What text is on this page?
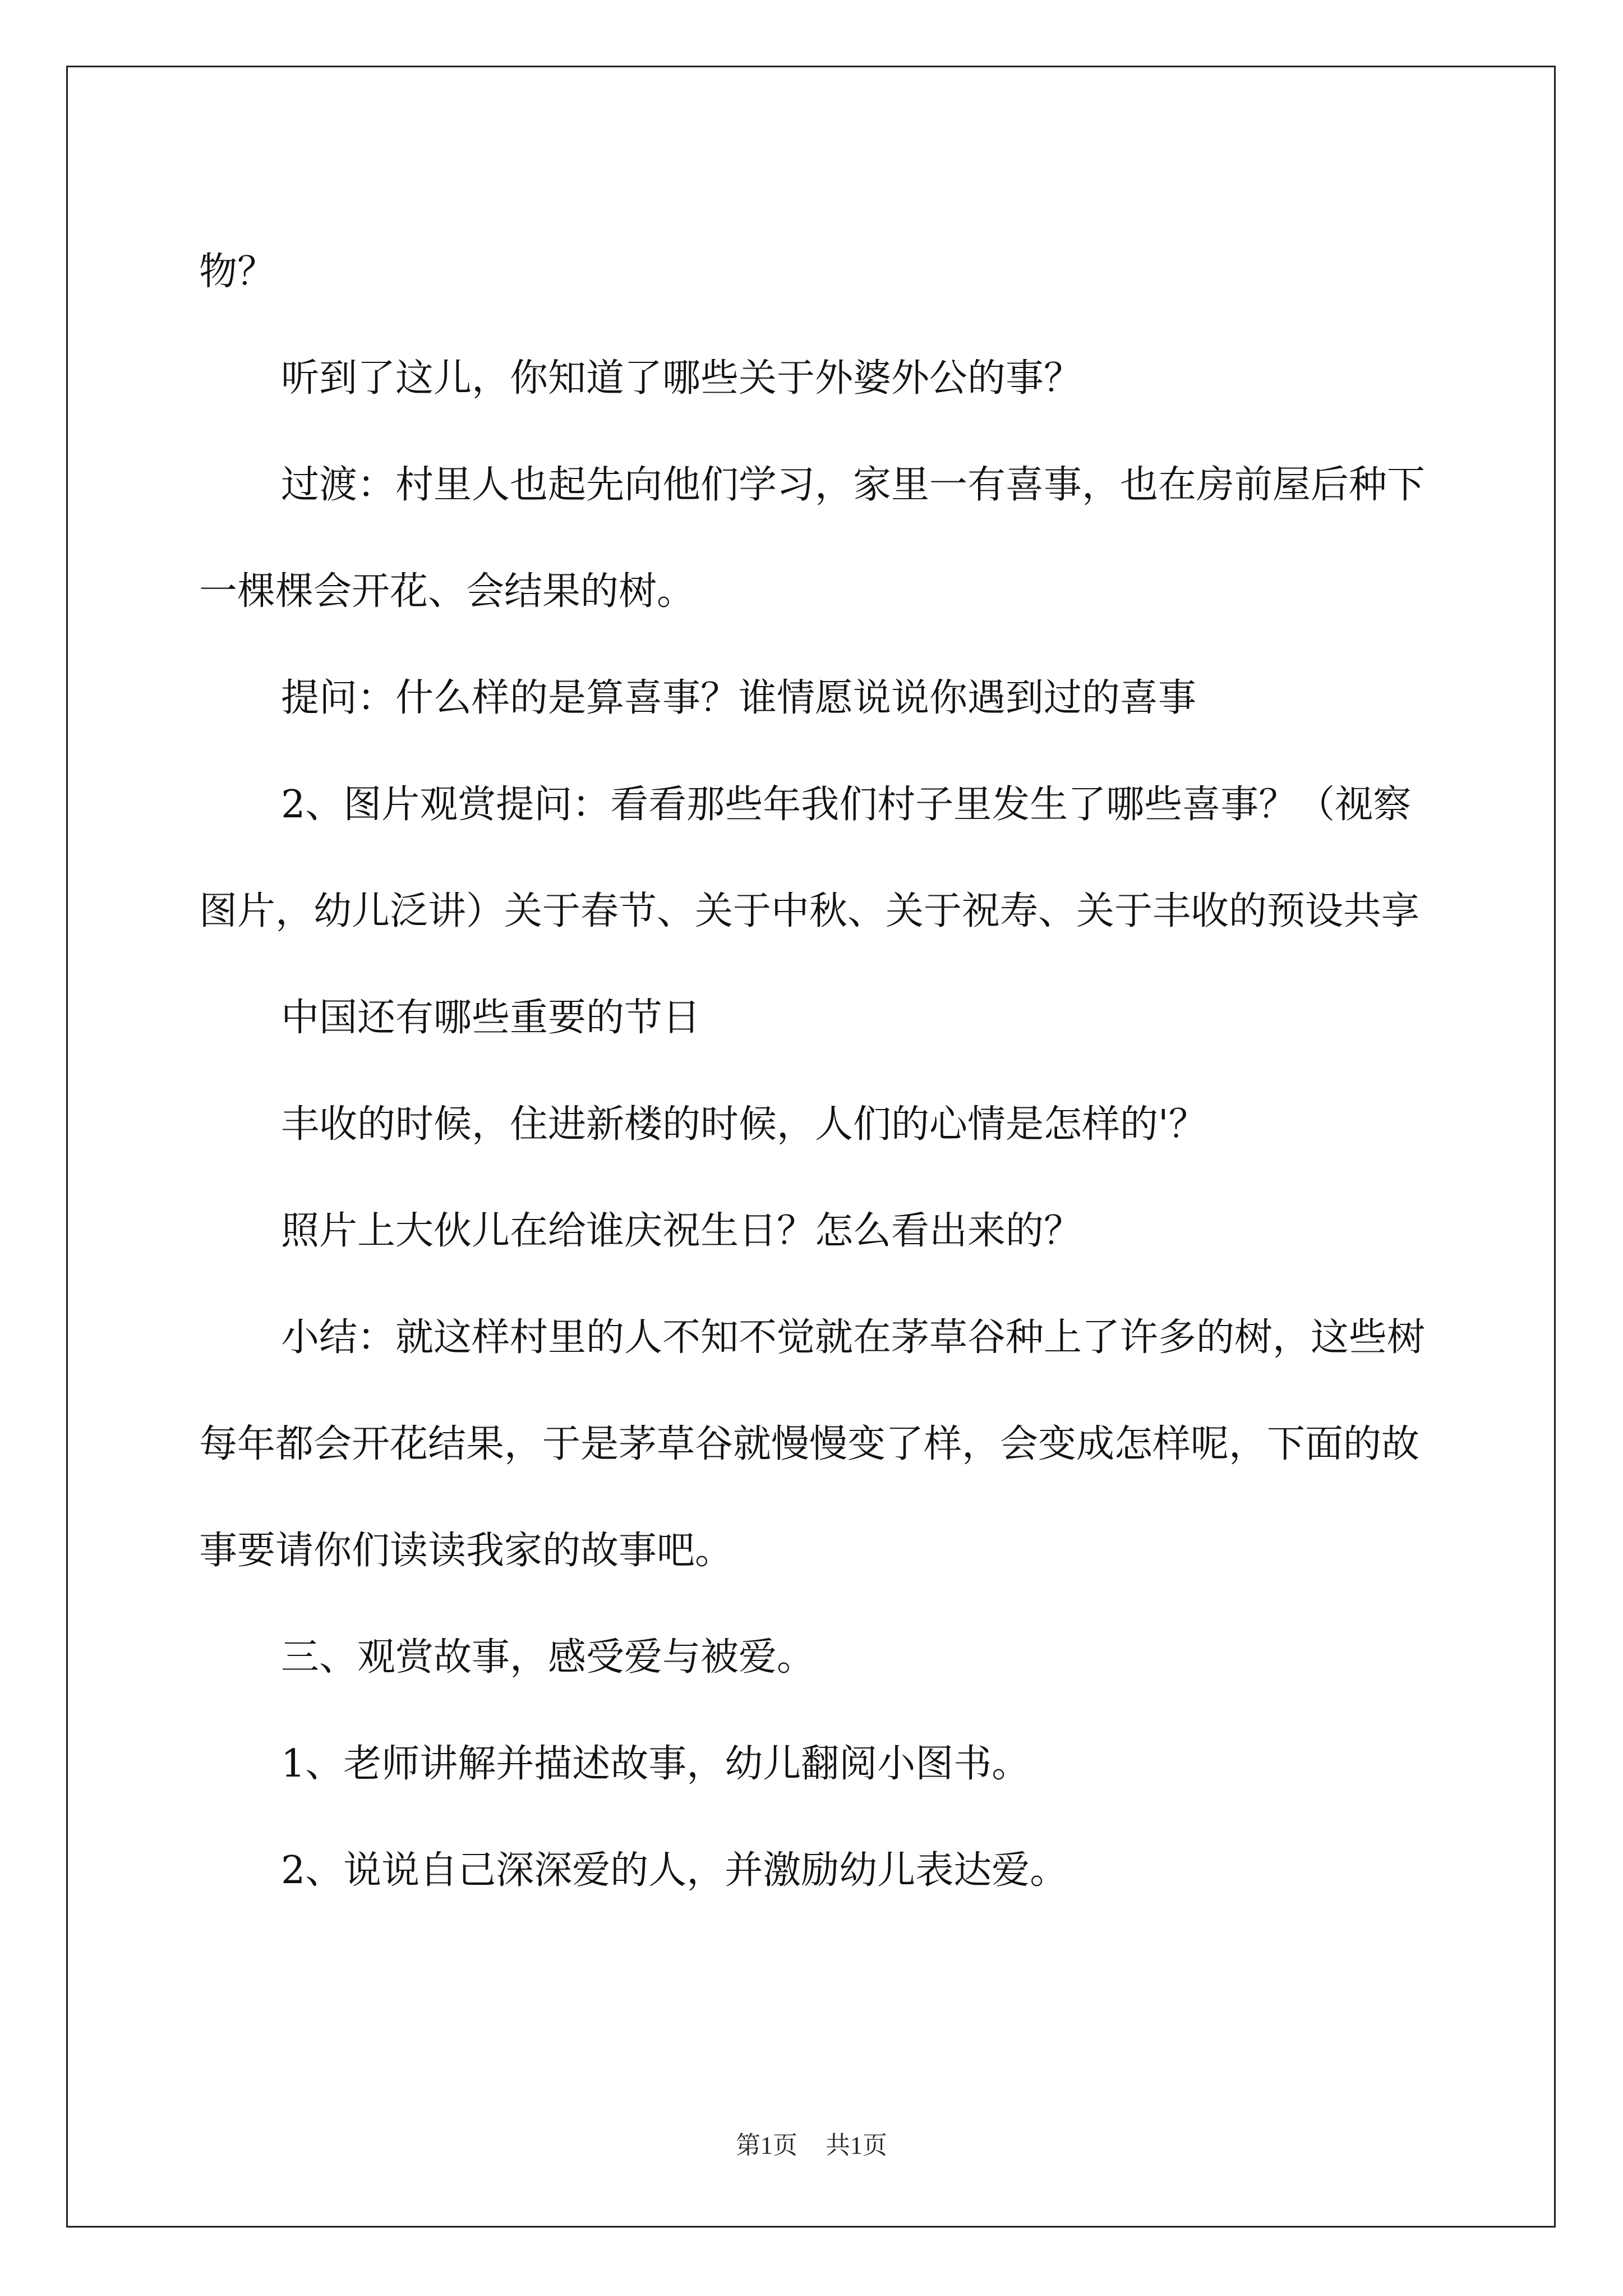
物？

听到了这儿，你知道了哪些关于外婆外公的事？

过渡：村里人也起先向他们学习，家里一有喜事，也在房前屋后种下一棵棵会开花、会结果的树。

提问：什么样的是算喜事？谁情愿说说你遇到过的喜事

2、图片观赏提问：看看那些年我们村子里发生了哪些喜事？（视察图片，幼儿泛讲）关于春节、关于中秋、关于祝寿、关于丰收的预设共享

中国还有哪些重要的节日

丰收的时候，住进新楼的时候，人们的心情是怎样的'？

照片上大伙儿在给谁庆祝生日？怎么看出来的？

小结：就这样村里的人不知不觉就在茅草谷种上了许多的树，这些树每年都会开花结果，于是茅草谷就慢慢变了样，会变成怎样呢，下面的故事要请你们读读我家的故事吧。

三、观赏故事，感受爱与被爱。

1、老师讲解并描述故事，幼儿翻阅小图书。

2、说说自己深深爱的人，并激励幼儿表达爱。

第1页 共1页
